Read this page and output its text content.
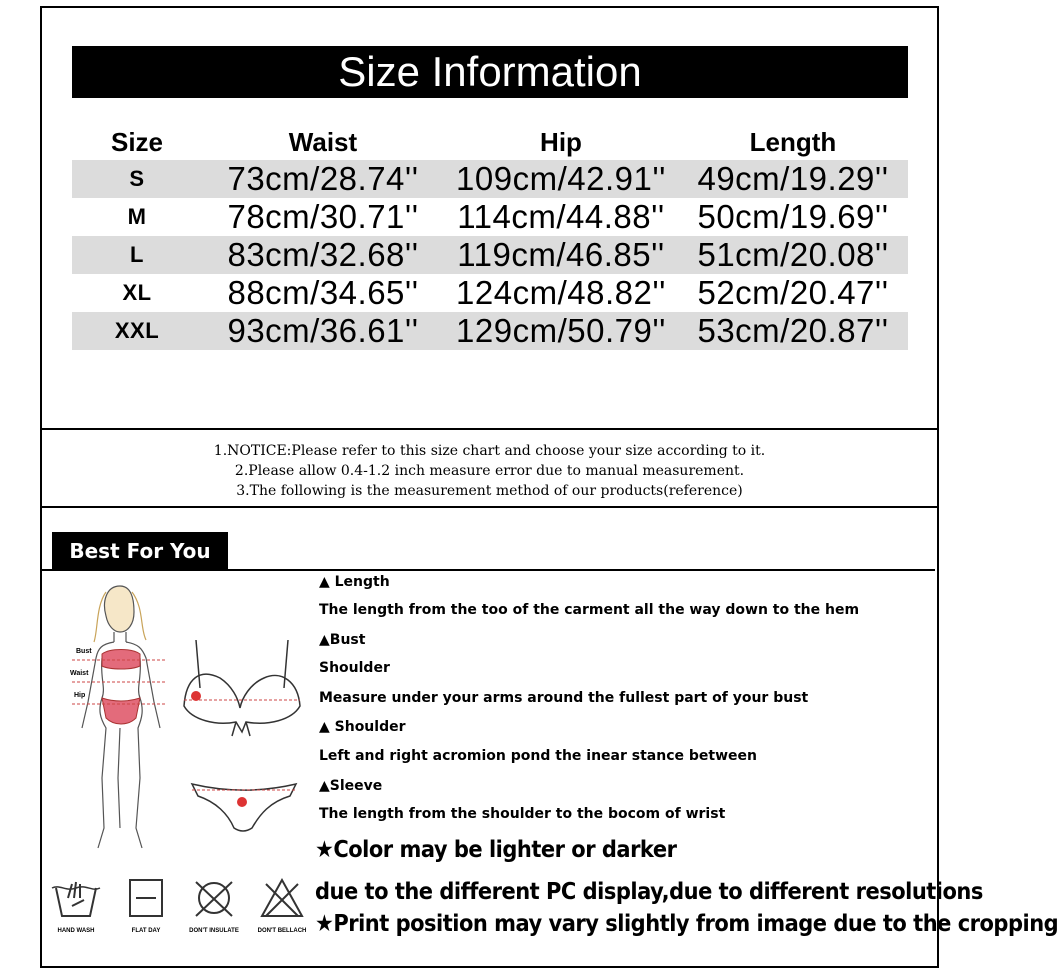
Size Information
Size	Waist	Hip	Length
S	73cm/28.74''	109cm/42.91''	49cm/19.29''
M	78cm/30.71''	114cm/44.88''	50cm/19.69''
L	83cm/32.68''	119cm/46.85''	51cm/20.08''
XL	88cm/34.65''	124cm/48.82''	52cm/20.47''
XXL	93cm/36.61''	129cm/50.79''	53cm/20.87''
1.NOTICE:Please refer to this size chart and choose your size according to it.
2.Please allow 0.4-1.2 inch measure error due to manual measurement.
3.The following is the measurement method of our products(reference)
Best For You
Bust
Waist
Hip
▲ Length
The length from the too of the carment all the way down to the hem
▲Bust
Shoulder
Measure under your arms around the fullest part of your bust
▲ Shoulder
Left and right acromion pond the inear stance between
▲Sleeve
The length from the shoulder to the bocom of wrist
★Color may be lighter or darker
due to the different PC display,due to different resolutions
★Print position may vary slightly from image due to the cropping
HAND WASH	FLAT DAY	DON'T INSULATE	DON'T BELLACH
